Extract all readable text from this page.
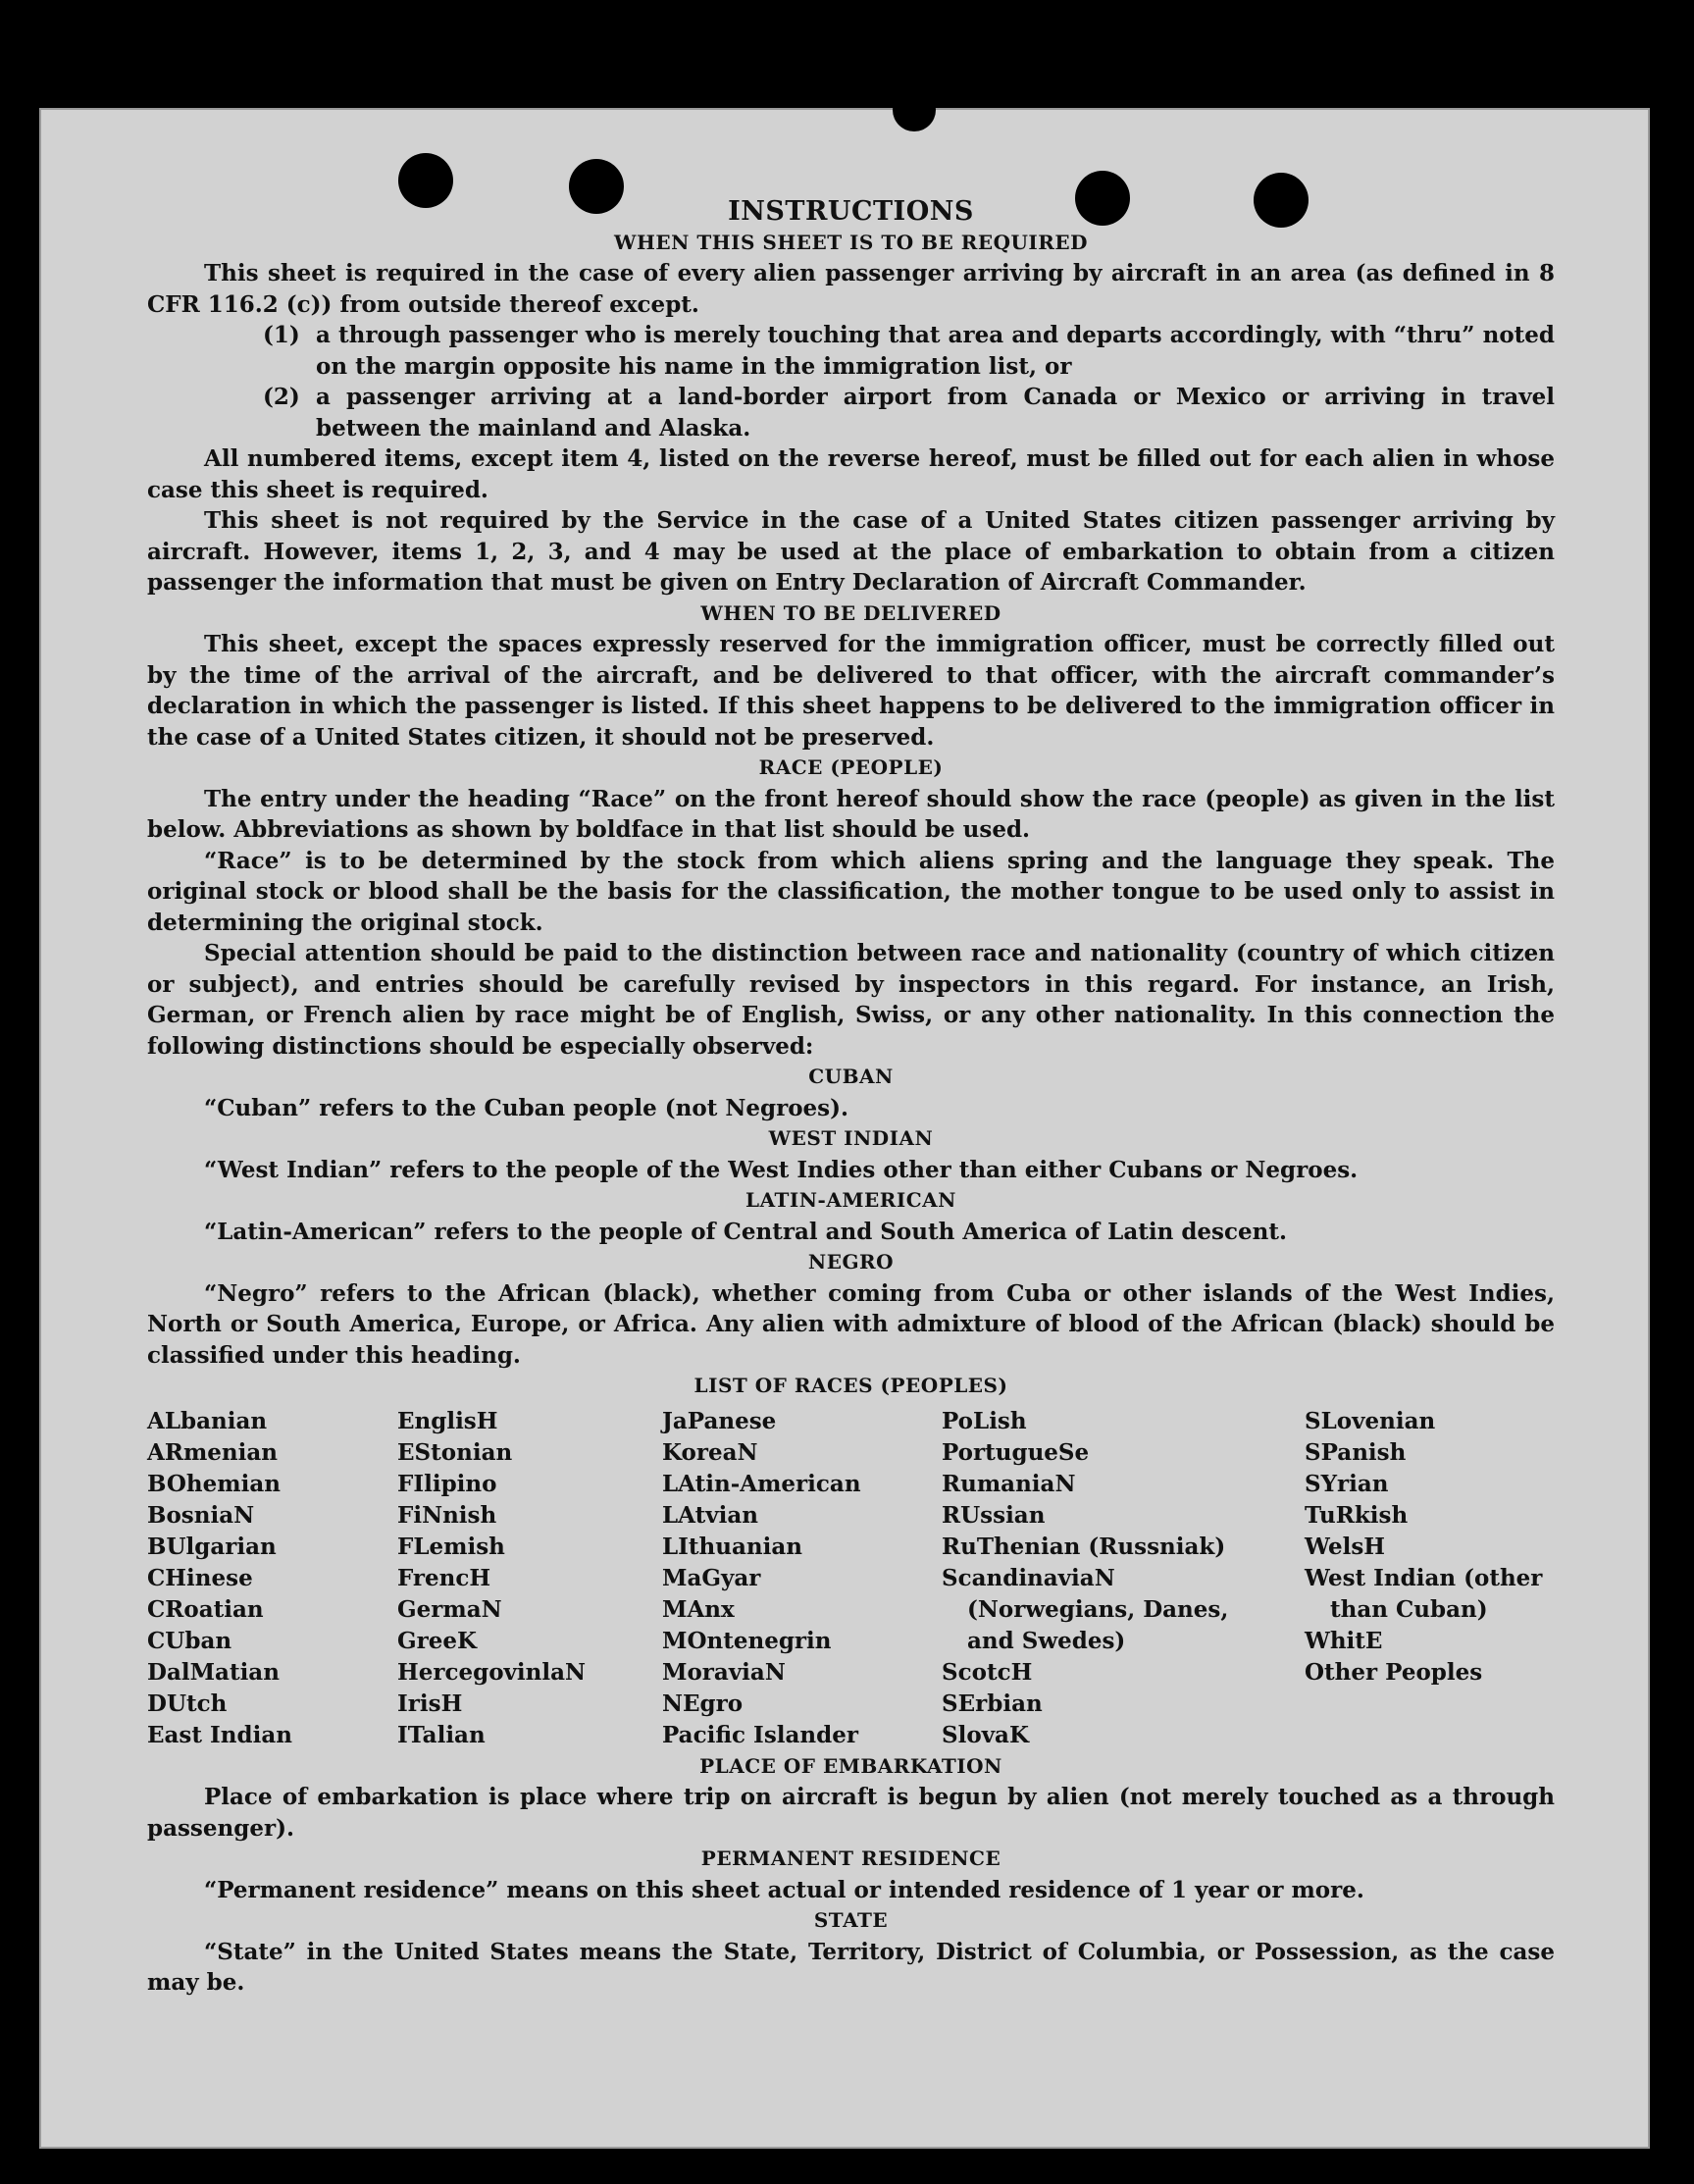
INSTRUCTIONS
WHEN THIS SHEET IS TO BE REQUIRED

This sheet is required in the case of every alien passenger arriving by aircraft in an area (as defined in 8 CFR 116.2 (c)) from outside thereof except.

(1) a through passenger who is merely touching that area and departs accordingly, with “thru” noted on the margin opposite his name in the immigration list, or
(2) a passenger arriving at a land-border airport from Canada or Mexico or arriving in travel between the mainland and Alaska.

All numbered items, except item 4, listed on the reverse hereof, must be filled out for each alien in whose case this sheet is required.

This sheet is not required by the Service in the case of a United States citizen passenger arriving by aircraft. However, items 1, 2, 3, and 4 may be used at the place of embarkation to obtain from a citizen passenger the information that must be given on Entry Declaration of Aircraft Commander.

WHEN TO BE DELIVERED

This sheet, except the spaces expressly reserved for the immigration officer, must be correctly filled out by the time of the arrival of the aircraft, and be delivered to that officer, with the aircraft commander’s declaration in which the passenger is listed. If this sheet happens to be delivered to the immigration officer in the case of a United States citizen, it should not be preserved.

RACE (PEOPLE)

The entry under the heading “Race” on the front hereof should show the race (people) as given in the list below. Abbreviations as shown by boldface in that list should be used.

“Race” is to be determined by the stock from which aliens spring and the language they speak. The original stock or blood shall be the basis for the classification, the mother tongue to be used only to assist in determining the original stock.

Special attention should be paid to the distinction between race and nationality (country of which citizen or subject), and entries should be carefully revised by inspectors in this regard. For instance, an Irish, German, or French alien by race might be of English, Swiss, or any other nationality. In this connection the following distinctions should be especially observed:

CUBAN

“Cuban” refers to the Cuban people (not Negroes).

WEST INDIAN

“West Indian” refers to the people of the West Indies other than either Cubans or Negroes.

LATIN-AMERICAN

“Latin-American” refers to the people of Central and South America of Latin descent.

NEGRO

“Negro” refers to the African (black), whether coming from Cuba or other islands of the West Indies, North or South America, Europe, or Africa. Any alien with admixture of blood of the African (black) should be classified under this heading.

LIST OF RACES (PEOPLES)
ALbanian
ARmenian
BOhemian
BosniaN
BUlgarian
CHinese
CRoatian
CUban
DalMatian
DUtch
East Indian
EnglisH
EStonian
FIlipino
FiNnish
FLemish
FrencH
GermaN
GreeK
HercegovinlaN
IrisH
ITalian
JaPanese
KoreaN
LAtin-American
LAtvian
LIthuanian
MaGyar
MAnx
MOntenegrin
MoraviaN
NEgro
Pacific Islander
PoLish
PortugueSe
RumaniaN
RUssian
RuThenian (Russniak)
ScandinaviaN (Norwegians, Danes, and Swedes)
ScotcH
SErbian
SlovaK
SLovenian
SPanish
SYrian
TuRkish
WelsH
West Indian (other than Cuban)
WhitE
Other Peoples
PLACE OF EMBARKATION

Place of embarkation is place where trip on aircraft is begun by alien (not merely touched as a through passenger).

PERMANENT RESIDENCE

“Permanent residence” means on this sheet actual or intended residence of 1 year or more.

STATE

“State” in the United States means the State, Territory, District of Columbia, or Possession, as the case may be.
